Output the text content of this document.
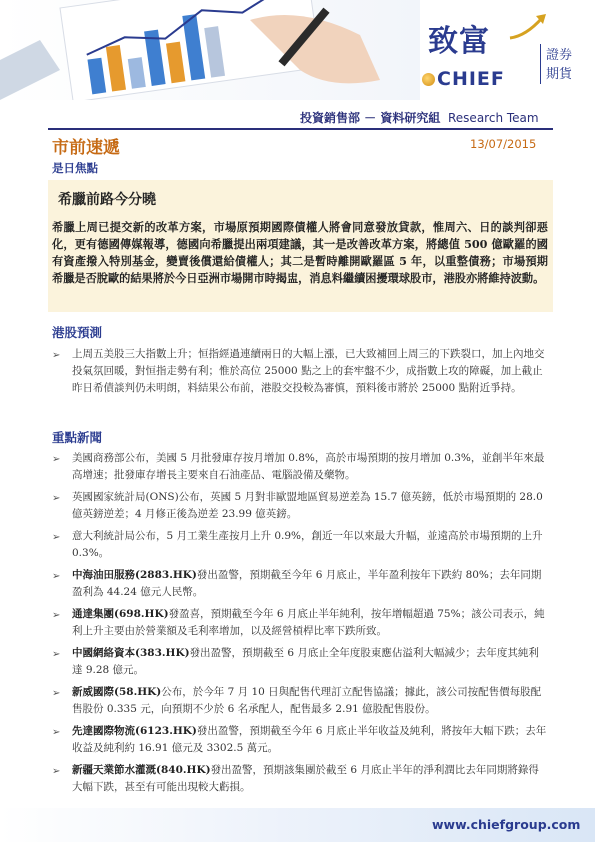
致富
CHIEF
證券
期貨
投資銷售部 － 資料研究組 Research Team
市前速遞	13/07/2015
是日焦點
希臘前路今分曉
希臘上周已提交新的改革方案，市場原預期國際債權人將會同意發放貸款，惟周六、日的談判卻惡化，更有德國傳媒報導，德國向希臘提出兩項建議，其一是改善改革方案，將總值 500 億歐羅的國有資產撥入特別基金，變賣後償還給債權人；其二是暫時離開歐羅區 5 年，以重整債務；市場預期希臘是否脫歐的結果將於今日亞洲市場開市時揭盅，消息料繼續困擾環球股市，港股亦將維持波動。
港股預測
➢ 上周五美股三大指數上升；恒指經過連續兩日的大幅上漲，已大致補回上周三的下跌裂口，加上內地交投氣氛回暖，對恒指走勢有利；惟於高位 25000 點之上的套牢盤不少，成指數上攻的障礙，加上截止昨日希債談判仍未明朗，料結果公布前，港股交投較為審慎，預料後市將於 25000 點附近爭持。
重點新聞
➢ 美國商務部公布，美國 5 月批發庫存按月增加 0.8%，高於市場預期的按月增加 0.3%，並創半年來最高增速；批發庫存增長主要來自石油產品、電腦設備及藥物。
➢ 英國國家統計局(ONS)公布，英國 5 月對非歐盟地區貿易逆差為 15.7 億英鎊，低於市場預期的 28.0 億英鎊逆差；4 月修正後為逆差 23.99 億英鎊。
➢ 意大利統計局公布，5 月工業生產按月上升 0.9%，創近一年以來最大升幅，並遠高於市場預期的上升 0.3%。
➢ 中海油田服務(2883.HK)發出盈警，預期截至今年 6 月底止，半年盈利按年下跌約 80%；去年同期盈利為 44.24 億元人民幣。
➢ 通達集團(698.HK)發盈喜，預期截至今年 6 月底止半年純利，按年增幅超過 75%；該公司表示，純利上升主要由於營業額及毛利率增加，以及經營槓桿比率下跌所致。
➢ 中國網絡資本(383.HK)發出盈警，預期截至 6 月底止全年度股東應佔溢利大幅減少；去年度其純利達 9.28 億元。
➢ 新威國際(58.HK)公布，於今年 7 月 10 日與配售代理訂立配售協議；據此，該公司按配售價每股配售股份 0.335 元，向預期不少於 6 名承配人，配售最多 2.91 億股配售股份。
➢ 先達國際物流(6123.HK)發出盈警，預期截至今年 6 月底止半年收益及純利，將按年大幅下跌；去年收益及純利約 16.91 億元及 3302.5 萬元。
➢ 新疆天業節水灌溉(840.HK)發出盈警，預期該集團於截至 6 月底止半年的淨利潤比去年同期將錄得大幅下跌，甚至有可能出現較大虧損。
www.chiefgroup.com
